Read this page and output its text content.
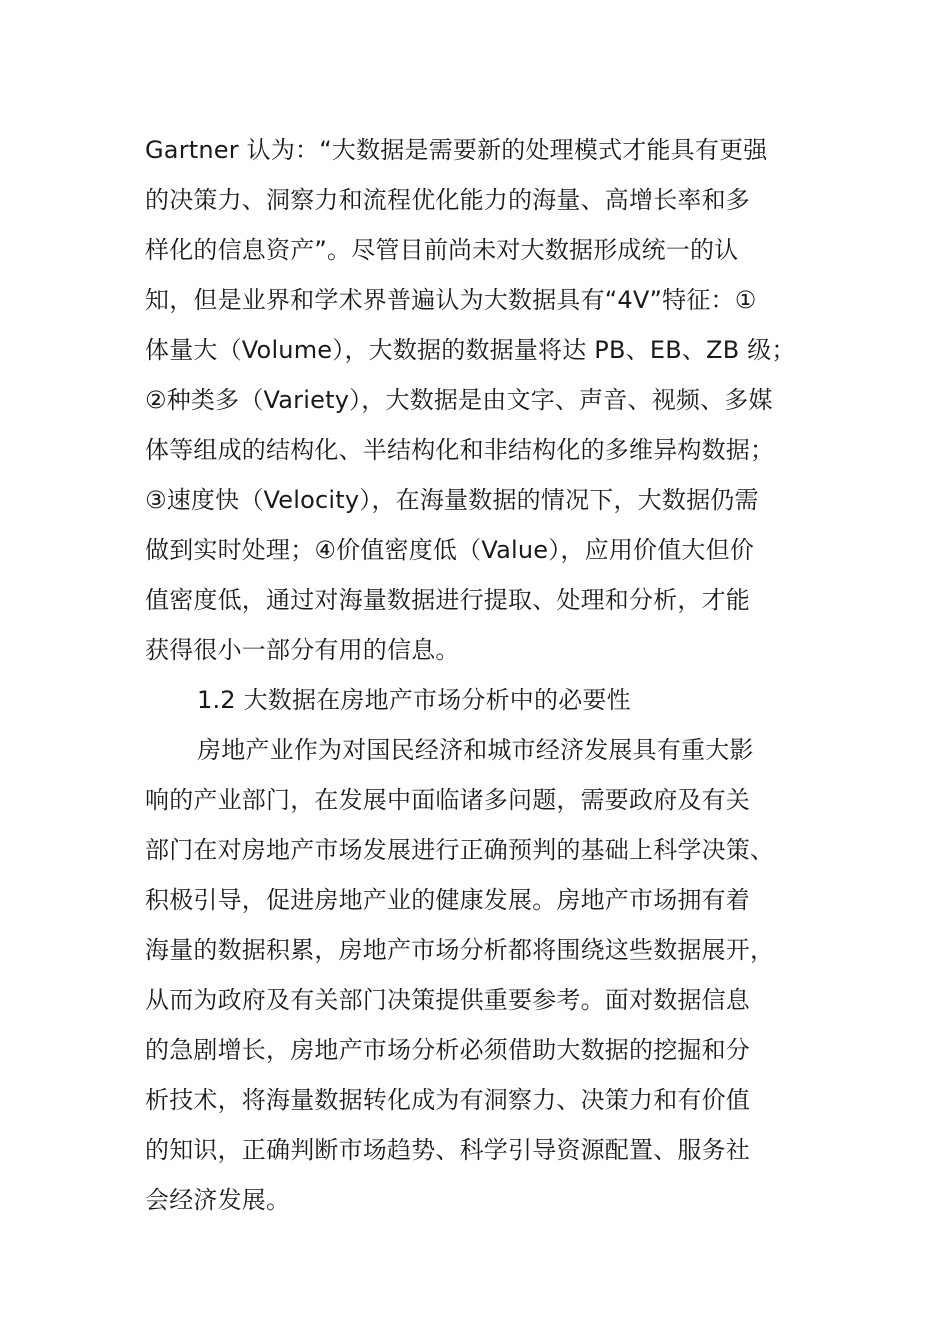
Gartner 认为：“大数据是需要新的处理模式才能具有更强
的决策力、洞察力和流程优化能力的海量、高增长率和多
样化的信息资产”。尽管目前尚未对大数据形成统一的认
知，但是业界和学术界普遍认为大数据具有“4V”特征：①
体量大（Volume），大数据的数据量将达 PB、EB、ZB 级；
②种类多（Variety），大数据是由文字、声音、视频、多媒
体等组成的结构化、半结构化和非结构化的多维异构数据；
③速度快（Velocity），在海量数据的情况下，大数据仍需
做到实时处理；④价值密度低（Value），应用价值大但价
值密度低，通过对海量数据进行提取、处理和分析，才能
获得很小一部分有用的信息。
1.2 大数据在房地产市场分析中的必要性
房地产业作为对国民经济和城市经济发展具有重大影
响的产业部门，在发展中面临诸多问题，需要政府及有关
部门在对房地产市场发展进行正确预判的基础上科学决策、
积极引导，促进房地产业的健康发展。房地产市场拥有着
海量的数据积累，房地产市场分析都将围绕这些数据展开，
从而为政府及有关部门决策提供重要参考。面对数据信息
的急剧增长，房地产市场分析必须借助大数据的挖掘和分
析技术，将海量数据转化成为有洞察力、决策力和有价值
的知识，正确判断市场趋势、科学引导资源配置、服务社
会经济发展。
